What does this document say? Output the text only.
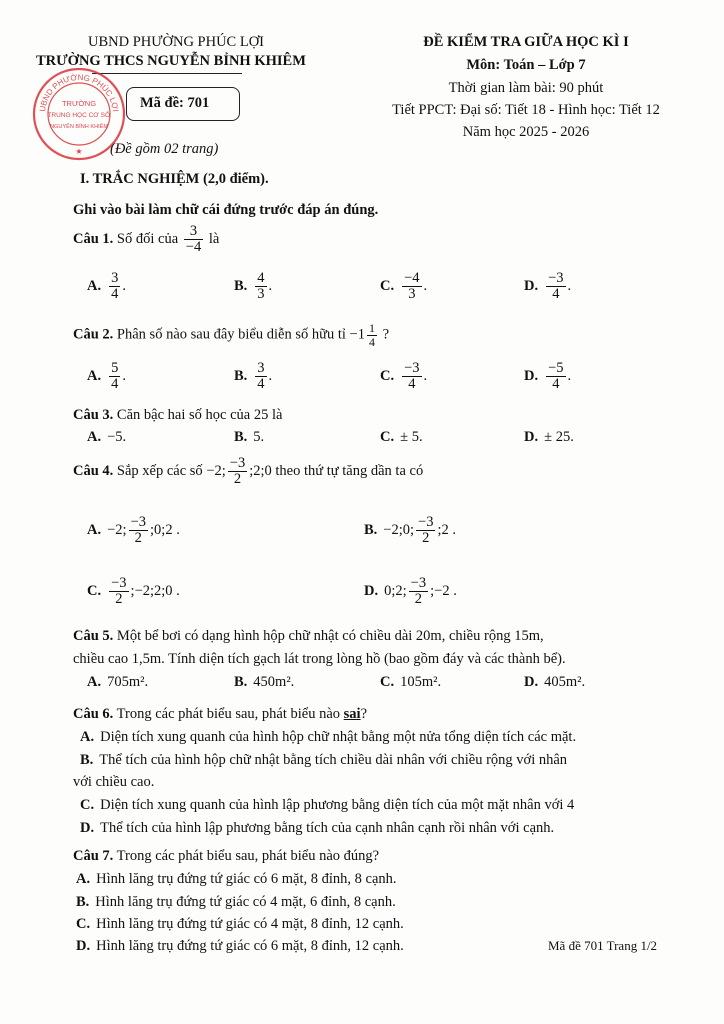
UBND PHƯỜNG PHÚC LỢI
TRƯỜNG THCS NGUYỄN BỈNH KHIÊM
UBND PHƯỜNG PHÚC LỢI
TRƯỜNG
TRUNG HỌC CƠ SỞ
NGUYỄN BỈNH KHIÊM
★
Mã đề: 701
(Đề gồm 02 trang)
ĐỀ KIỂM TRA GIỮA HỌC KÌ I
Môn: Toán – Lớp 7
Thời gian làm bài: 90 phút
Tiết PPCT: Đại số: Tiết 18 - Hình học: Tiết 12
Năm học 2025 - 2026
I. TRẮC NGHIỆM (2,0 điểm).
Ghi vào bài làm chữ cái đứng trước đáp án đúng.
Câu 1. Số đối của $\frac{3}{-4}$ là
A. $\frac{3}{4}$ .	B. $\frac{4}{3}$ .	C. $\frac{-4}{3}$ .	D. $\frac{-3}{4}$ .
Câu 2. Phân số nào sau đây biểu diễn số hữu tỉ $-1 \frac{1}{4}$ ?
A. $\frac{5}{4}$ .	B. $\frac{3}{4}$ .	C. $\frac{-3}{4}$ .	D. $\frac{-5}{4}$ .
Câu 3. Căn bậc hai số học của 25 là
A. −5.	B. 5.	C. ± 5.	D. ± 25.
Câu 4. Sắp xếp các số −2; $\frac{-3}{2}$ ;2;0 theo thứ tự tăng dần ta có
A. −2; $\frac{-3}{2}$ ;0;2 .	B. −2;0; $\frac{-3}{2}$ ;2 .
C. $\frac{-3}{2}$ ;−2;2;0 .	D. 0;2; $\frac{-3}{2}$ ;−2 .
Câu 5. Một bể bơi có dạng hình hộp chữ nhật có chiều dài 20m, chiều rộng 15m,
chiều cao 1,5m. Tính diện tích gạch lát trong lòng hồ (bao gồm đáy và các thành bể).
A. 705m².	B. 450m².	C. 105m².	D. 405m².
Câu 6. Trong các phát biểu sau, phát biểu nào sai?
A. Diện tích xung quanh của hình hộp chữ nhật bằng một nửa tổng diện tích các mặt.
B. Thể tích của hình hộp chữ nhật bằng tích chiều dài nhân với chiều rộng với nhân
với chiều cao.
C. Diện tích xung quanh của hình lập phương bằng diện tích của một mặt nhân với 4
D. Thể tích của hình lập phương bằng tích của cạnh nhân cạnh rồi nhân với cạnh.
Câu 7. Trong các phát biểu sau, phát biểu nào đúng?
A. Hình lăng trụ đứng tứ giác có 6 mặt, 8 đỉnh, 8 cạnh.
B. Hình lăng trụ đứng tứ giác có 4 mặt, 6 đỉnh, 8 cạnh.
C. Hình lăng trụ đứng tứ giác có 4 mặt, 8 đỉnh, 12 cạnh.
D. Hình lăng trụ đứng tứ giác có 6 mặt, 8 đỉnh, 12 cạnh.	Mã đề 701 Trang 1/2
